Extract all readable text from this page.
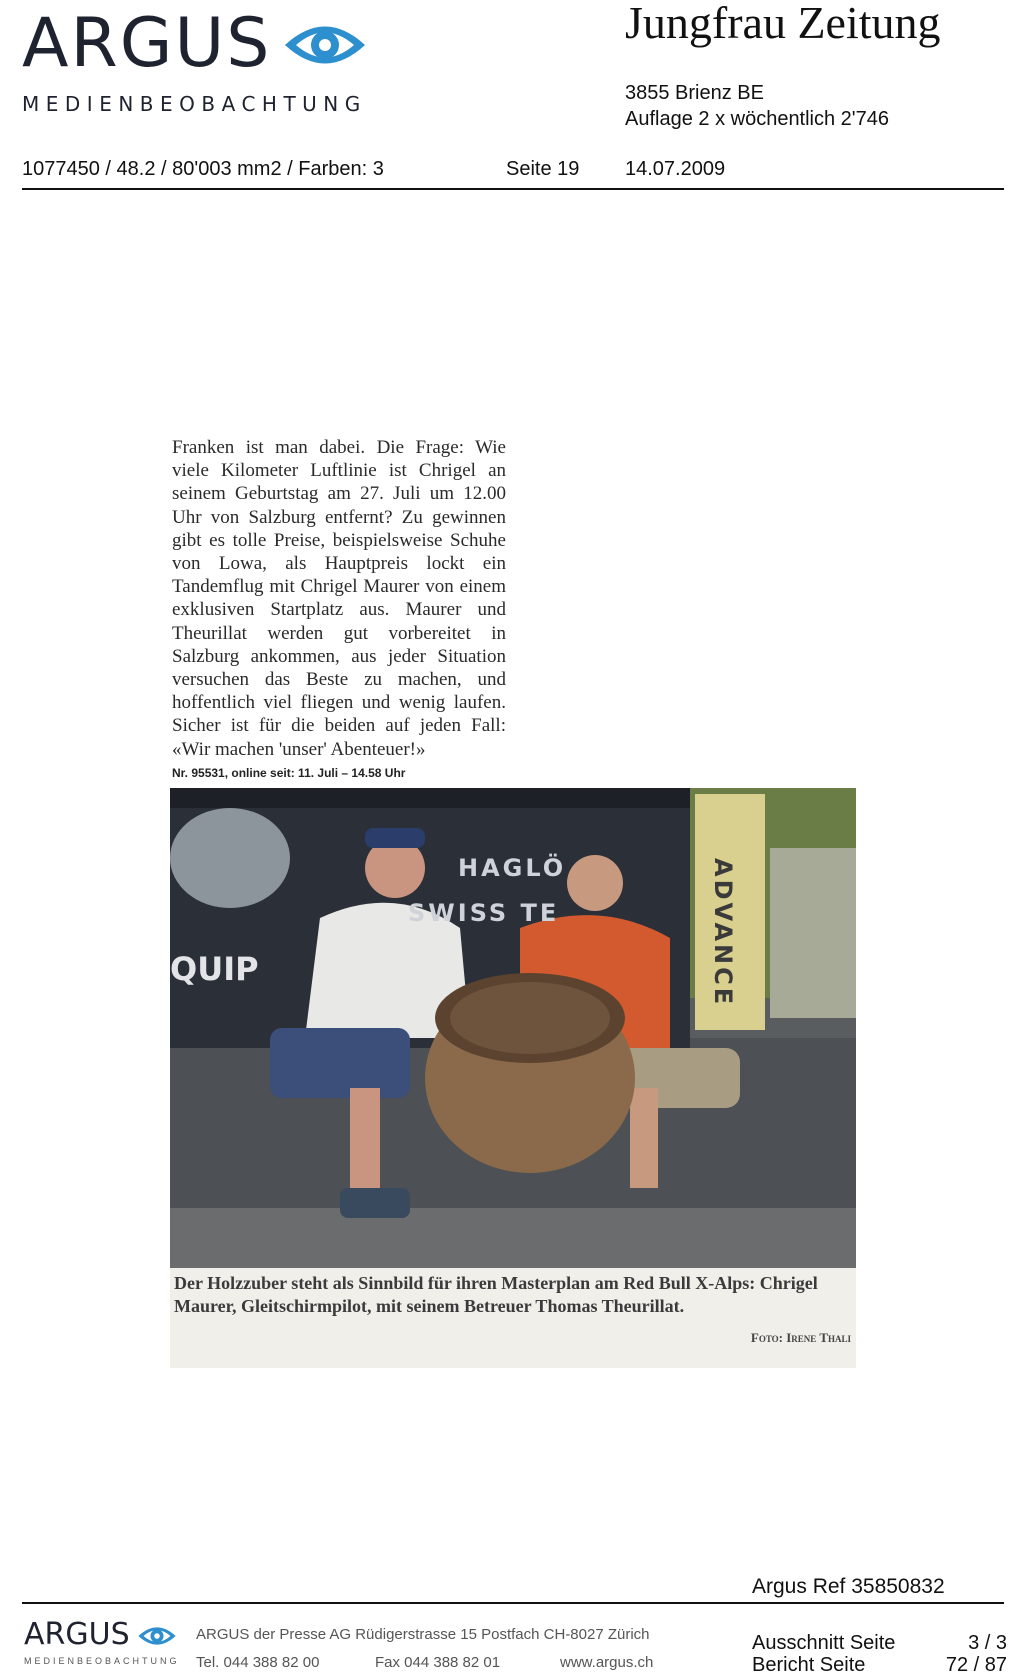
ARGUS
MEDIENBEOBACHTUNG
Jungfrau Zeitung
3855 Brienz BE
Auflage 2 x wöchentlich 2'746
1077450 / 48.2 / 80'003 mm2 / Farben: 3	Seite 19 14.07.2009
Franken ist man dabei. Die Frage: Wie viele Kilometer Luftlinie ist Chrigel an seinem Geburtstag am 27. Juli um 12.00 Uhr von Salzburg entfernt? Zu gewinnen gibt es tolle Preise, beispielsweise Schuhe von Lowa, als Hauptpreis lockt ein Tandemflug mit Chrigel Maurer von einem exklusiven Startplatz aus. Maurer und Theurillat werden gut vorbereitet in Salzburg ankommen, aus jeder Situation versuchen das Beste zu machen, und hoffentlich viel fliegen und wenig laufen. Sicher ist für die beiden auf jeden Fall: «Wir machen 'unser' Abenteuer!»
Nr. 95531, online seit: 11. Juli – 14.58 Uhr
HAGLÖ
SWISS TE
QUIP	ADVANCE
Der Holzzuber steht als Sinnbild für ihren Masterplan am Red Bull X-Alps: Chrigel Maurer, Gleitschirmpilot, mit seinem Betreuer Thomas Theurillat.
Foto: Irene Thali
Argus Ref 35850832
ARGUS
MEDIENBEOBACHTUNG
ARGUS der Presse AG Rüdigerstrasse 15 Postfach CH-8027 Zürich
Tel. 044 388 82 00	Fax 044 388 82 01	www.argus.ch
Ausschnitt Seite	3 / 3
Bericht Seite	72 / 87
